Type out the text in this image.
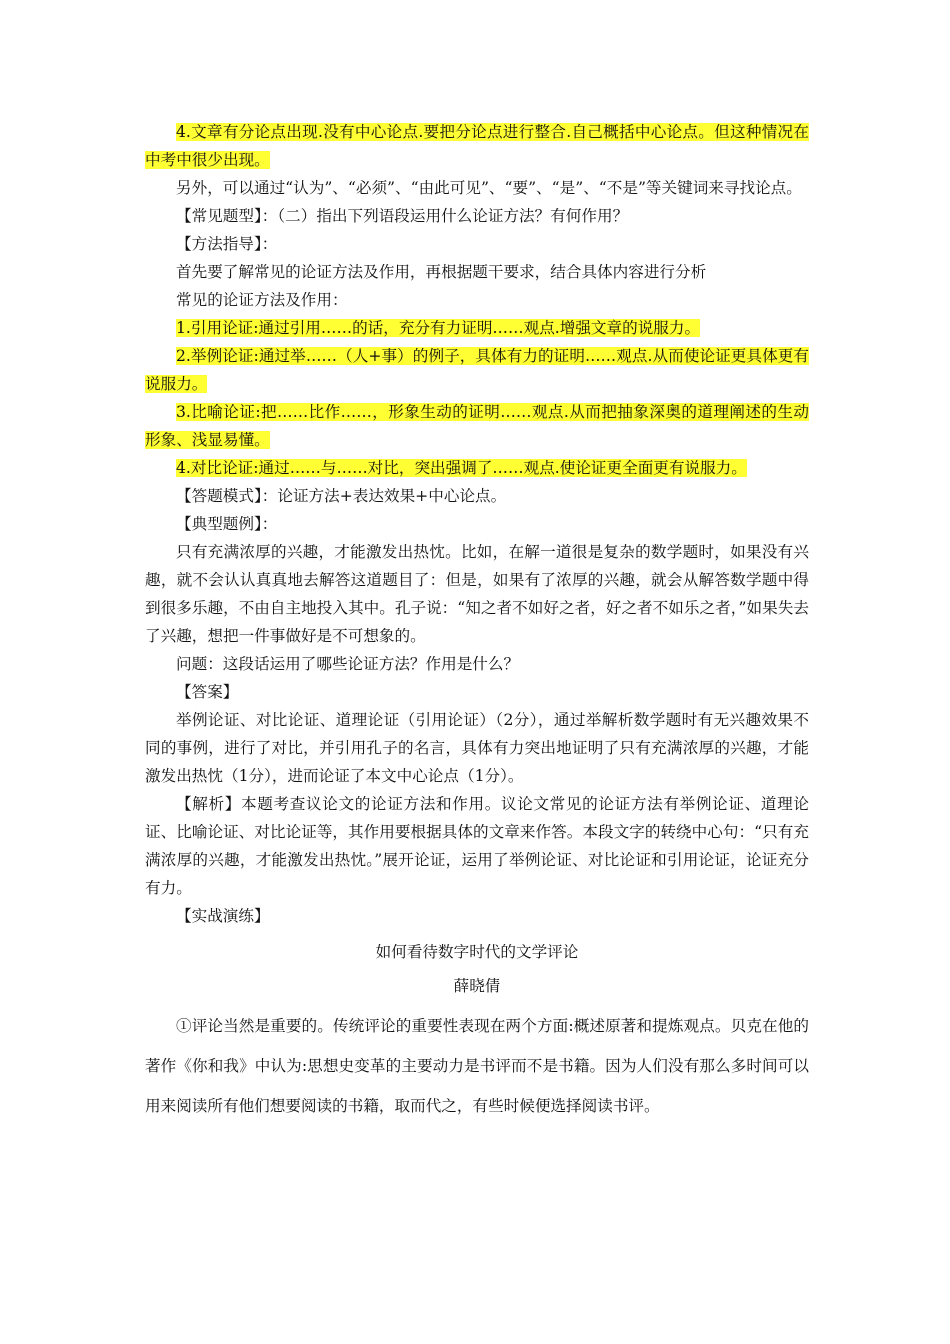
4.文章有分论点出现.没有中心论点.要把分论点进行整合.自己概括中心论点。但这种情况在中考中很少出现。

另外，可以通过“认为”、“必须”、“由此可见”、“要”、“是”、“不是”等关键词来寻找论点。

【常见题型】：（二）指出下列语段运用什么论证方法？有何作用？

【方法指导】：

首先要了解常见的论证方法及作用，再根据题干要求，结合具体内容进行分析

常见的论证方法及作用：

1.引用论证:通过引用……的话，充分有力证明……观点.增强文章的说服力。

2.举例论证:通过举……（人+事）的例子，具体有力的证明……观点.从而使论证更具体更有说服力。

3.比喻论证:把……比作……，形象生动的证明……观点.从而把抽象深奥的道理阐述的生动形象、浅显易懂。

4.对比论证:通过……与……对比，突出强调了……观点.使论证更全面更有说服力。

【答题模式】：论证方法+表达效果+中心论点。

【典型题例】：

只有充满浓厚的兴趣，才能激发出热忱。比如，在解一道很是复杂的数学题时，如果没有兴趣，就不会认认真真地去解答这道题目了：但是，如果有了浓厚的兴趣，就会从解答数学题中得到很多乐趣，不由自主地投入其中。孔子说：“知之者不如好之者，好之者不如乐之者，”如果失去了兴趣，想把一件事做好是不可想象的。

问题：这段话运用了哪些论证方法？作用是什么？

【答案】

举例论证、对比论证、道理论证（引用论证）（2分），通过举解析数学题时有无兴趣效果不同的事例，进行了对比，并引用孔子的名言，具体有力突出地证明了只有充满浓厚的兴趣，才能激发出热忱（1分），进而论证了本文中心论点（1分）。

【解析】本题考查议论文的论证方法和作用。议论文常见的论证方法有举例论证、道理论证、比喻论证、对比论证等，其作用要根据具体的文章来作答。本段文字的转绕中心句：“只有充满浓厚的兴趣，才能激发出热忱。”展开论证，运用了举例论证、对比论证和引用论证，论证充分有力。

【实战演练】

如何看待数字时代的文学评论

薛晓倩

①评论当然是重要的。传统评论的重要性表现在两个方面:概述原著和提炼观点。贝克在他的著作《你和我》中认为:思想史变革的主要动力是书评而不是书籍。因为人们没有那么多时间可以用来阅读所有他们想要阅读的书籍，取而代之，有些时候便选择阅读书评。
